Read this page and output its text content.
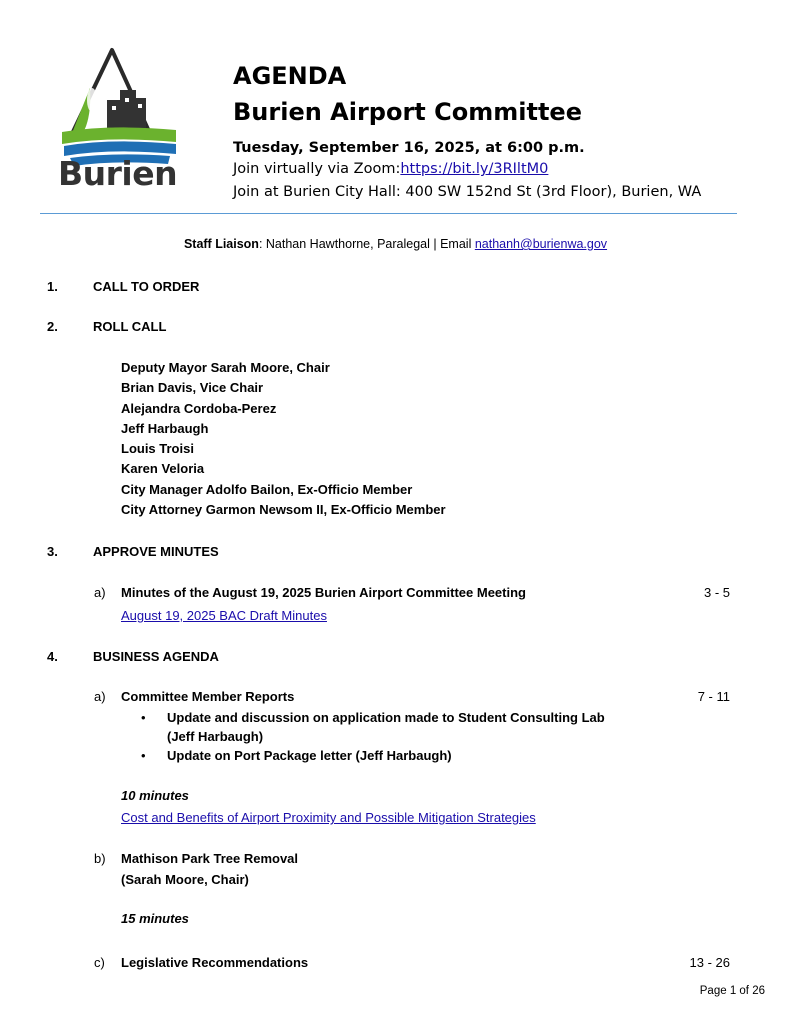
Burien
AGENDA
Burien Airport Committee
Tuesday, September 16, 2025, at 6:00 p.m.
Join virtually via Zoom:https://bit.ly/3RIltM0
Join at Burien City Hall: 400 SW 152nd St (3rd Floor), Burien, WA
Staff Liaison: Nathan Hawthorne, Paralegal | Email nathanh@burienwa.gov
1.	CALL TO ORDER
2.	ROLL CALL
Deputy Mayor Sarah Moore, Chair
Brian Davis, Vice Chair
Alejandra Cordoba-Perez
Jeff Harbaugh
Louis Troisi
Karen Veloria
City Manager Adolfo Bailon, Ex-Officio Member
City Attorney Garmon Newsom II, Ex-Officio Member
3.	APPROVE MINUTES
a) Minutes of the August 19, 2025 Burien Airport Committee Meeting	3 - 5
August 19, 2025 BAC Draft Minutes
4.	BUSINESS AGENDA
a) Committee Member Reports	7 - 11
• Update and discussion on application made to Student Consulting Lab
(Jeff Harbaugh)
• Update on Port Package letter (Jeff Harbaugh)
10 minutes
Cost and Benefits of Airport Proximity and Possible Mitigation Strategies
b) Mathison Park Tree Removal
(Sarah Moore, Chair)
15 minutes
c) Legislative Recommendations	13 - 26
Page 1 of 26
